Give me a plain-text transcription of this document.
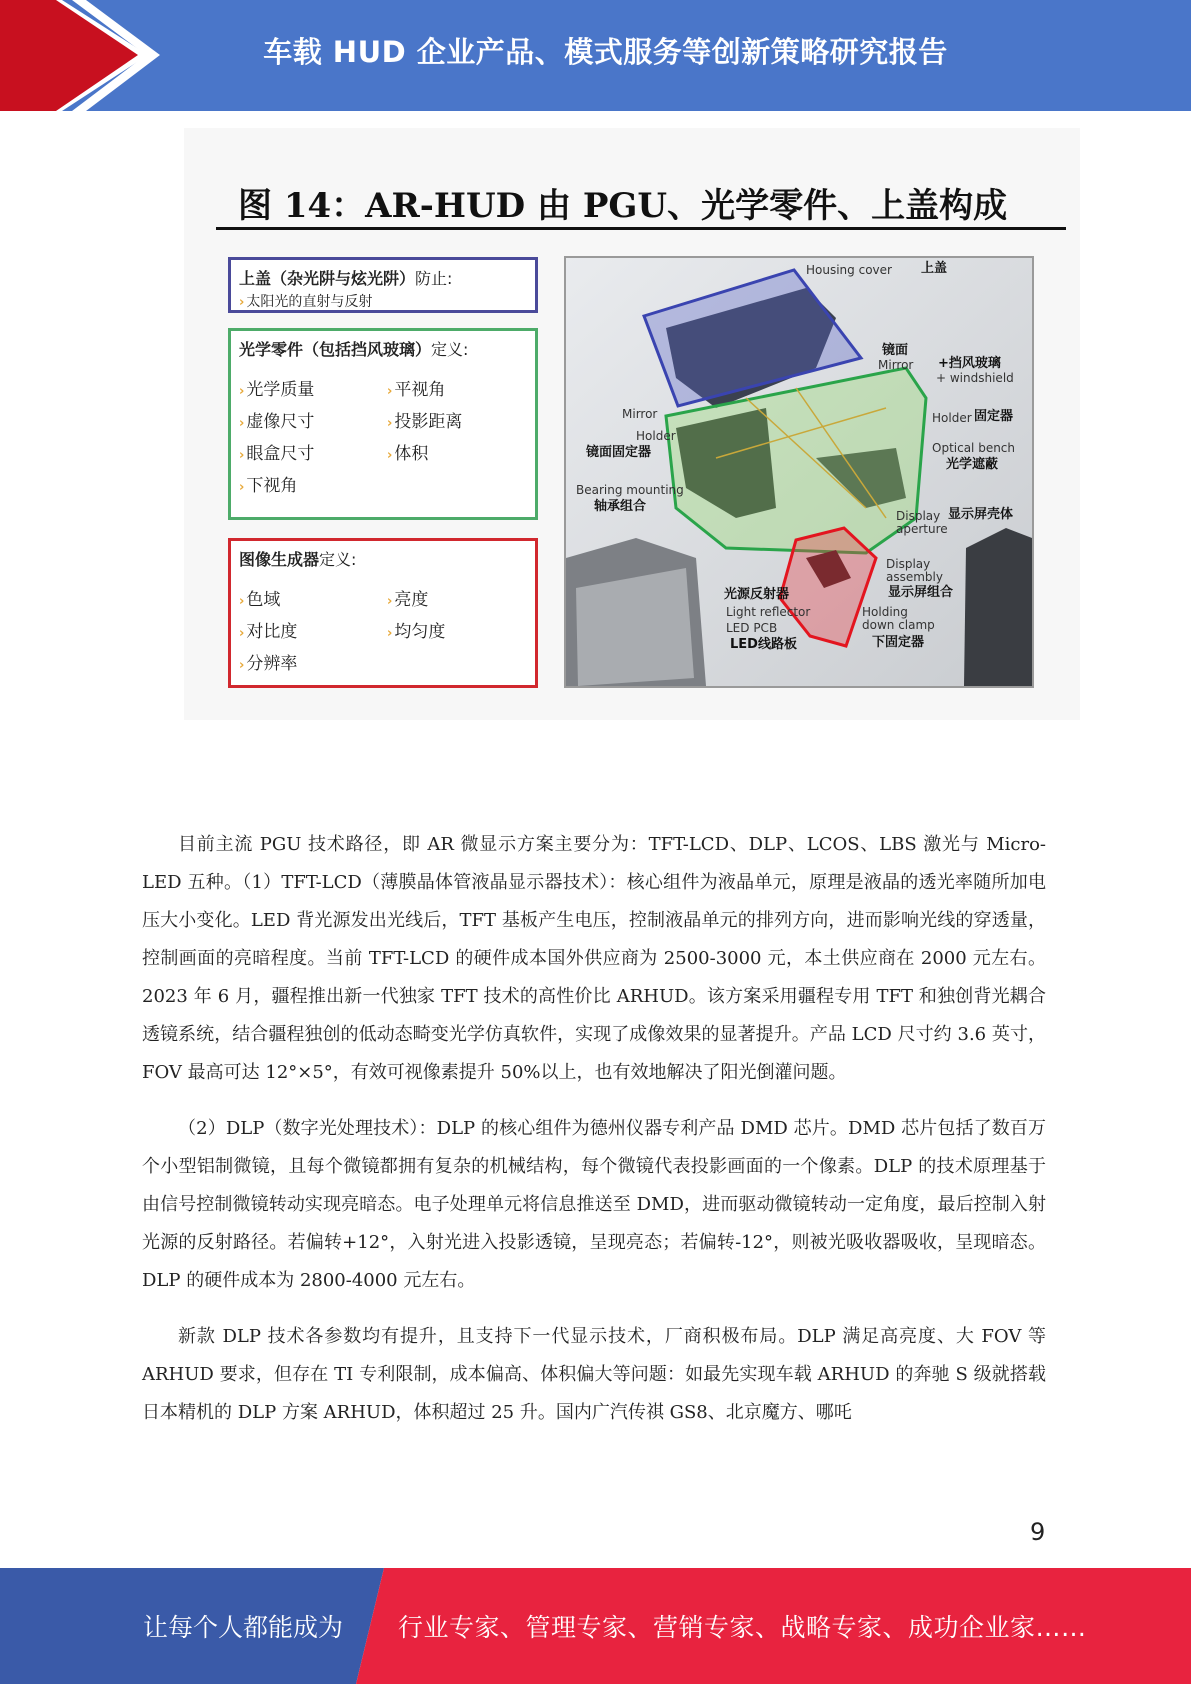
车载 HUD 企业产品、模式服务等创新策略研究报告
图 14：AR-HUD 由 PGU、光学零件、上盖构成
上盖（杂光阱与炫光阱）防止:
› 太阳光的直射与反射
光学零件（包括挡风玻璃）定义:
› 光学质量	› 平视角
› 虚像尺寸	› 投影距离
› 眼盒尺寸	› 体积
› 下视角
图像生成器定义:
› 色域	› 亮度
› 对比度	› 均匀度
› 分辨率
Housing cover 上盖
镜面
Mirror +挡风玻璃
+ windshield
Mirror
Holder
镜面固定器
Holder 固定器
Optical bench
光学遮蔽
Bearing mounting
轴承组合
Display
aperture
显示屏壳体
Display
assembly
显示屏组合
光源反射器
Light reflector
LED PCB
LED线路板
Holding
down clamp
下固定器

目前主流 PGU 技术路径，即 AR 微显示方案主要分为：TFT-LCD、DLP、LCOS、LBS 激光与 Micro-LED 五种。（1）TFT-LCD（薄膜晶体管液晶显示器技术）：核心组件为液晶单元，原理是液晶的透光率随所加电压大小变化。LED 背光源发出光线后，TFT 基板产生电压，控制液晶单元的排列方向，进而影响光线的穿透量，控制画面的亮暗程度。当前 TFT-LCD 的硬件成本国外供应商为 2500-3000 元，本土供应商在 2000 元左右。2023 年 6 月，疆程推出新一代独家 TFT 技术的高性价比 ARHUD。该方案采用疆程专用 TFT 和独创背光耦合透镜系统，结合疆程独创的低动态畸变光学仿真软件，实现了成像效果的显著提升。产品 LCD 尺寸约 3.6 英寸，FOV 最高可达 12°×5°，有效可视像素提升 50%以上，也有效地解决了阳光倒灌问题。

（2）DLP（数字光处理技术）：DLP 的核心组件为德州仪器专利产品 DMD 芯片。DMD 芯片包括了数百万个小型铝制微镜，且每个微镜都拥有复杂的机械结构，每个微镜代表投影画面的一个像素。DLP 的技术原理基于由信号控制微镜转动实现亮暗态。电子处理单元将信息推送至 DMD，进而驱动微镜转动一定角度，最后控制入射光源的反射路径。若偏转+12°，入射光进入投影透镜，呈现亮态；若偏转-12°，则被光吸收器吸收，呈现暗态。DLP 的硬件成本为 2800-4000 元左右。

新款 DLP 技术各参数均有提升，且支持下一代显示技术，厂商积极布局。DLP 满足高亮度、大 FOV 等 ARHUD 要求，但存在 TI 专利限制，成本偏高、体积偏大等问题：如最先实现车载 ARHUD 的奔驰 S 级就搭载日本精机的 DLP 方案 ARHUD，体积超过 25 升。国内广汽传祺 GS8、北京魔方、哪吒

9
让每个人都能成为 行业专家、管理专家、营销专家、战略专家、成功企业家……
